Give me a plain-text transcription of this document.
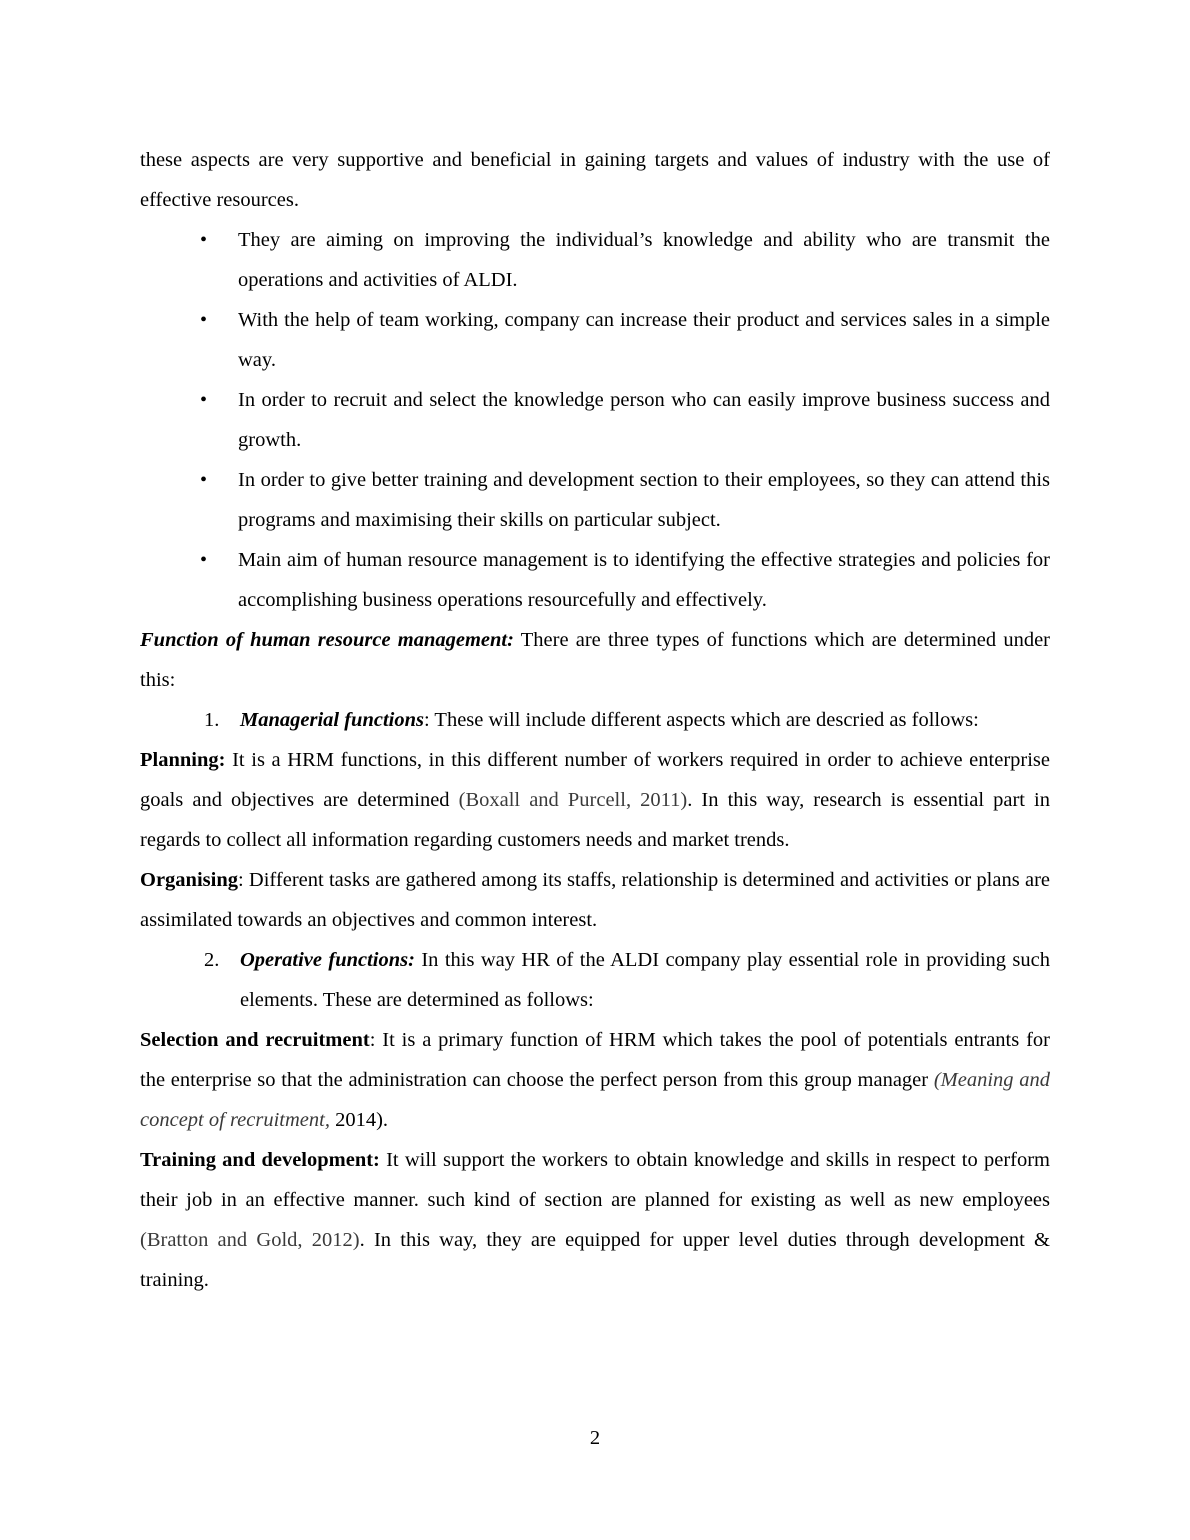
these aspects are very supportive and beneficial in gaining targets and values of industry with the use of effective resources.

• They are aiming on improving the individual’s knowledge and ability who are transmit the operations and activities of ALDI.
• With the help of team working, company can increase their product and services sales in a simple way.
• In order to recruit and select the knowledge person who can easily improve business success and growth.
• In order to give better training and development section to their employees, so they can attend this programs and maximising their skills on particular subject.
• Main aim of human resource management is to identifying the effective strategies and policies for accomplishing business operations resourcefully and effectively.

Function of human resource management: There are three types of functions which are determined under this:

1.	Managerial functions: These will include different aspects which are descried as follows:

Planning: It is a HRM functions, in this different number of workers required in order to achieve enterprise goals and objectives are determined (Boxall and Purcell, 2011). In this way, research is essential part in regards to collect all information regarding customers needs and market trends.

Organising: Different tasks are gathered among its staffs, relationship is determined and activities or plans are assimilated towards an objectives and common interest.

2.	Operative functions: In this way HR of the ALDI company play essential role in providing such elements. These are determined as follows:

Selection and recruitment: It is a primary function of HRM which takes the pool of potentials entrants for the enterprise so that the administration can choose the perfect person from this group manager (Meaning and concept of recruitment, 2014).

Training and development: It will support the workers to obtain knowledge and skills in respect to perform their job in an effective manner. such kind of section are planned for existing as well as new employees (Bratton and Gold, 2012). In this way, they are equipped for upper level duties through development & training.

2
